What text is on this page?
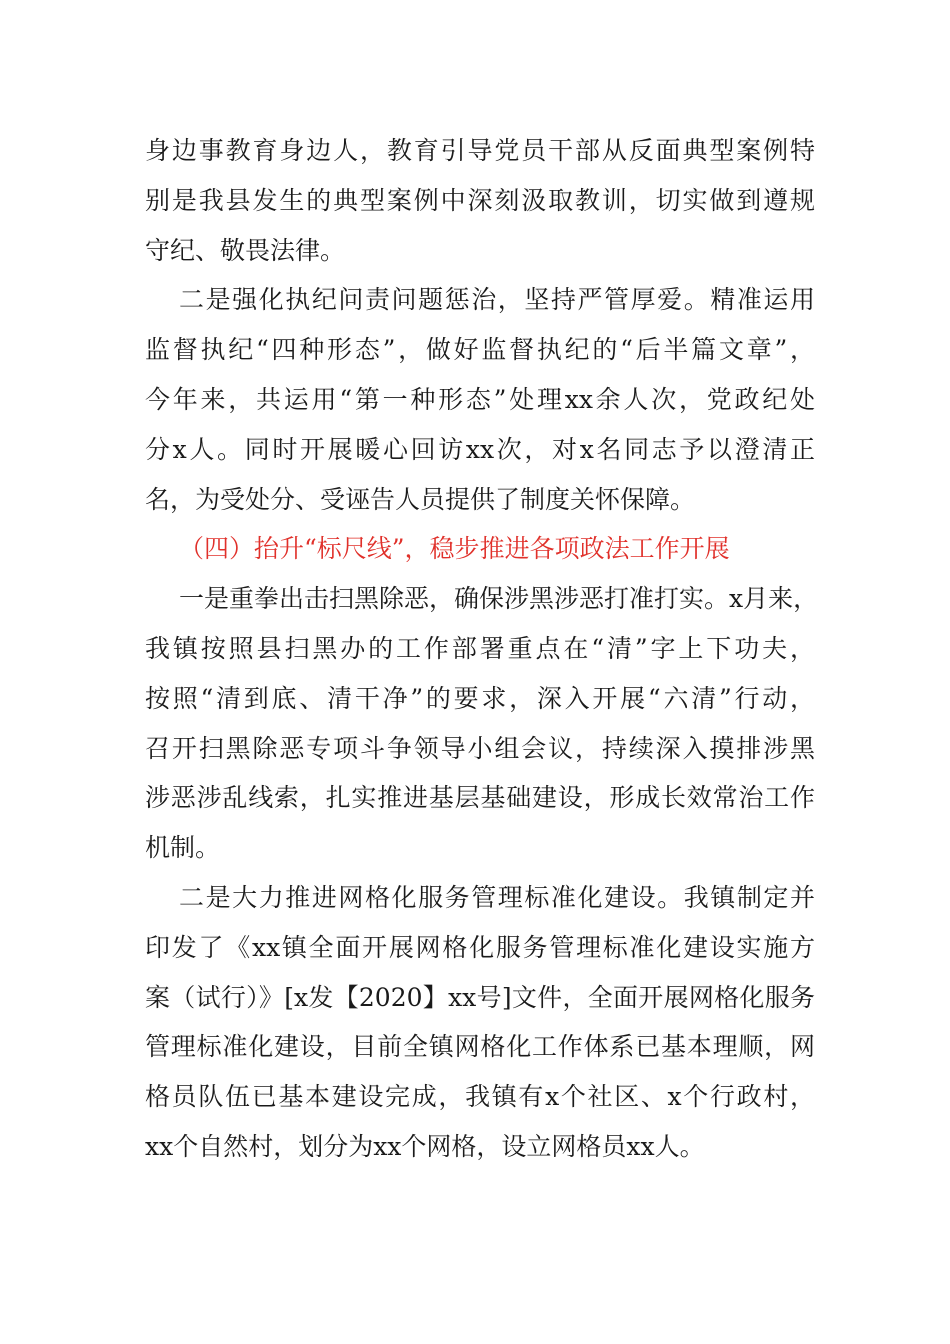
身边事教育身边人，教育引导党员干部从反面典型案例特
别是我县发生的典型案例中深刻汲取教训，切实做到遵规
守纪、敬畏法律。
二是强化执纪问责问题惩治，坚持严管厚爱。精准运用
监督执纪“四种形态”，做好监督执纪的“后半篇文章”，
今年来，共运用“第一种形态”处理xx余人次，党政纪处
分x人。同时开展暖心回访xx次，对x名同志予以澄清正
名，为受处分、受诬告人员提供了制度关怀保障。
（四）抬升“标尺线”，稳步推进各项政法工作开展
一是重拳出击扫黑除恶，确保涉黑涉恶打准打实。x月来，
我镇按照县扫黑办的工作部署重点在“清”字上下功夫，
按照“清到底、清干净”的要求，深入开展“六清”行动，
召开扫黑除恶专项斗争领导小组会议，持续深入摸排涉黑
涉恶涉乱线索，扎实推进基层基础建设，形成长效常治工作
机制。
二是大力推进网格化服务管理标准化建设。我镇制定并
印发了《xx镇全面开展网格化服务管理标准化建设实施方
案（试行）》[x发【2020】xx号]文件，全面开展网格化服务
管理标准化建设，目前全镇网格化工作体系已基本理顺，网
格员队伍已基本建设完成，我镇有x个社区、x个行政村，
xx个自然村，划分为xx个网格，设立网格员xx人。
